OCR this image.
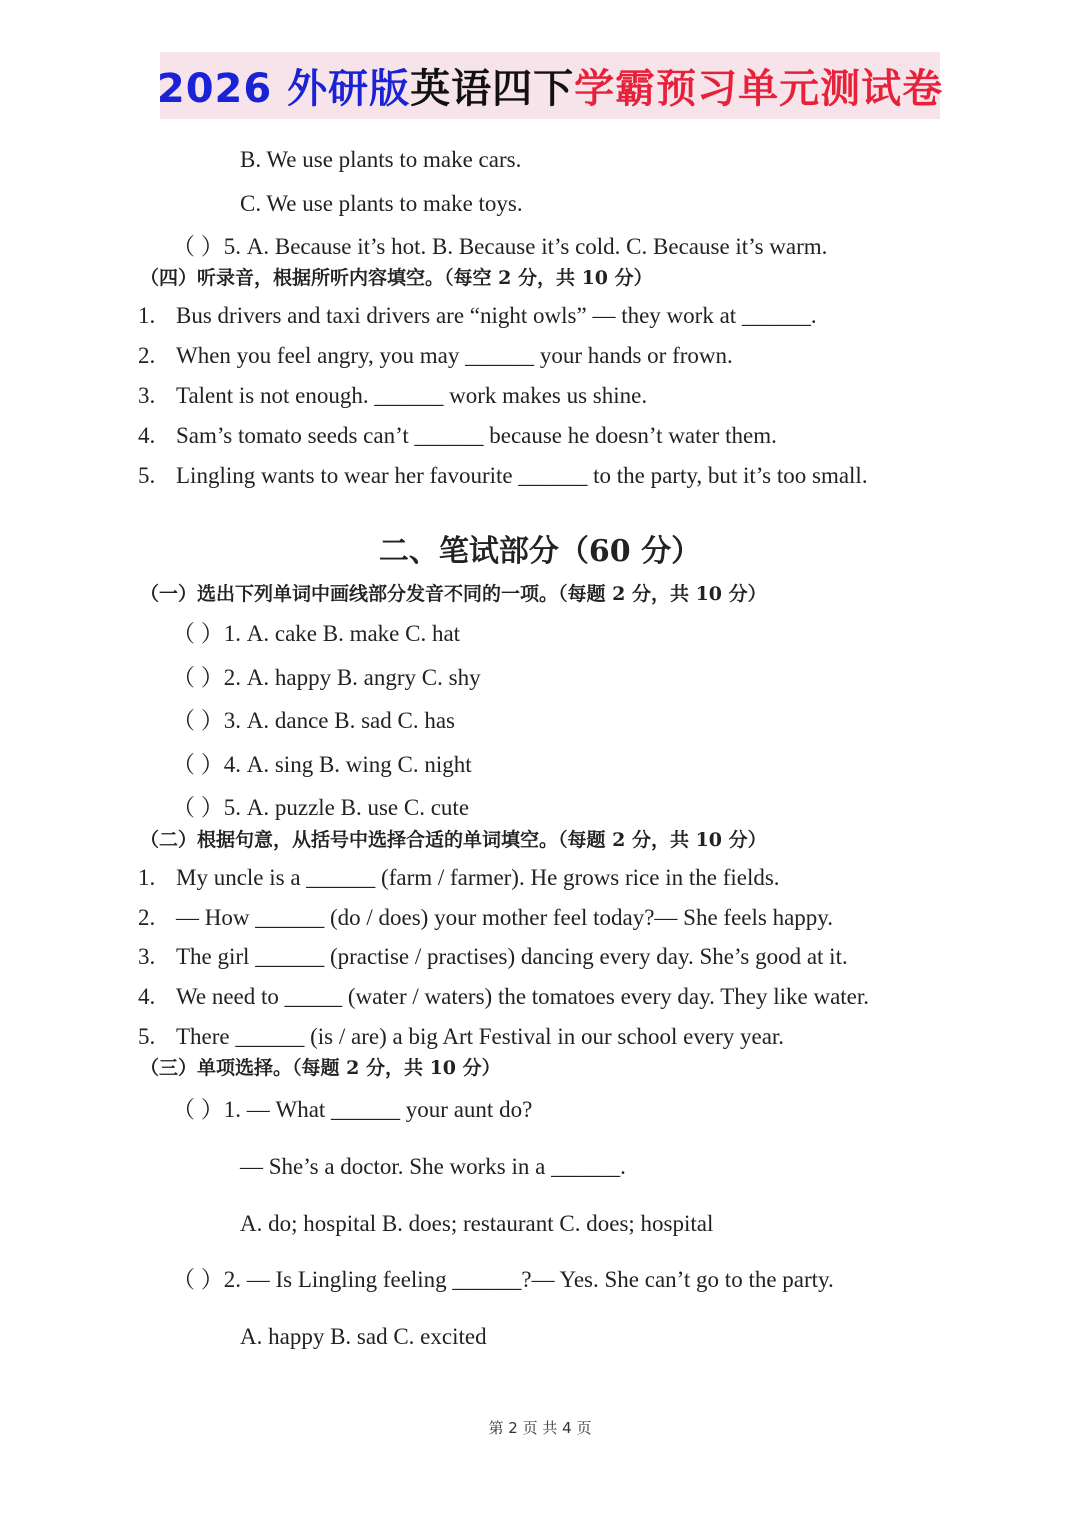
2026 外研版 英语四下 学霸预习单元测试卷
B. We use plants to make cars.
C. We use plants to make toys.
（ ）5. A. Because it’s hot. B. Because it’s cold. C. Because it’s warm.
（四）听录音，根据所听内容填空。（每空 2 分，共 10 分）
1. Bus drivers and taxi drivers are “night owls” — they work at ______.
2. When you feel angry, you may ______ your hands or frown.
3. Talent is not enough. ______ work makes us shine.
4. Sam’s tomato seeds can’t ______ because he doesn’t water them.
5. Lingling wants to wear her favourite ______ to the party, but it’s too small.
二、笔试部分（60 分）
（一）选出下列单词中画线部分发音不同的一项。（每题 2 分，共 10 分）
（ ）1. A. cake B. make C. hat
（ ）2. A. happy B. angry C. shy
（ ）3. A. dance B. sad C. has
（ ）4. A. sing B. wing C. night
（ ）5. A. puzzle B. use C. cute
（二）根据句意，从括号中选择合适的单词填空。（每题 2 分，共 10 分）
1. My uncle is a ______ (farm / farmer). He grows rice in the fields.
2. — How ______ (do / does) your mother feel today?— She feels happy.
3. The girl ______ (practise / practises) dancing every day. She’s good at it.
4. We need to _____ (water / waters) the tomatoes every day. They like water.
5. There ______ (is / are) a big Art Festival in our school every year.
（三）单项选择。（每题 2 分，共 10 分）
（ ）1. — What ______ your aunt do?
— She’s a doctor. She works in a ______.
A. do; hospital B. does; restaurant C. does; hospital
（ ）2. — Is Lingling feeling ______?— Yes. She can’t go to the party.
A. happy B. sad C. excited
第 2 页 共 4 页
